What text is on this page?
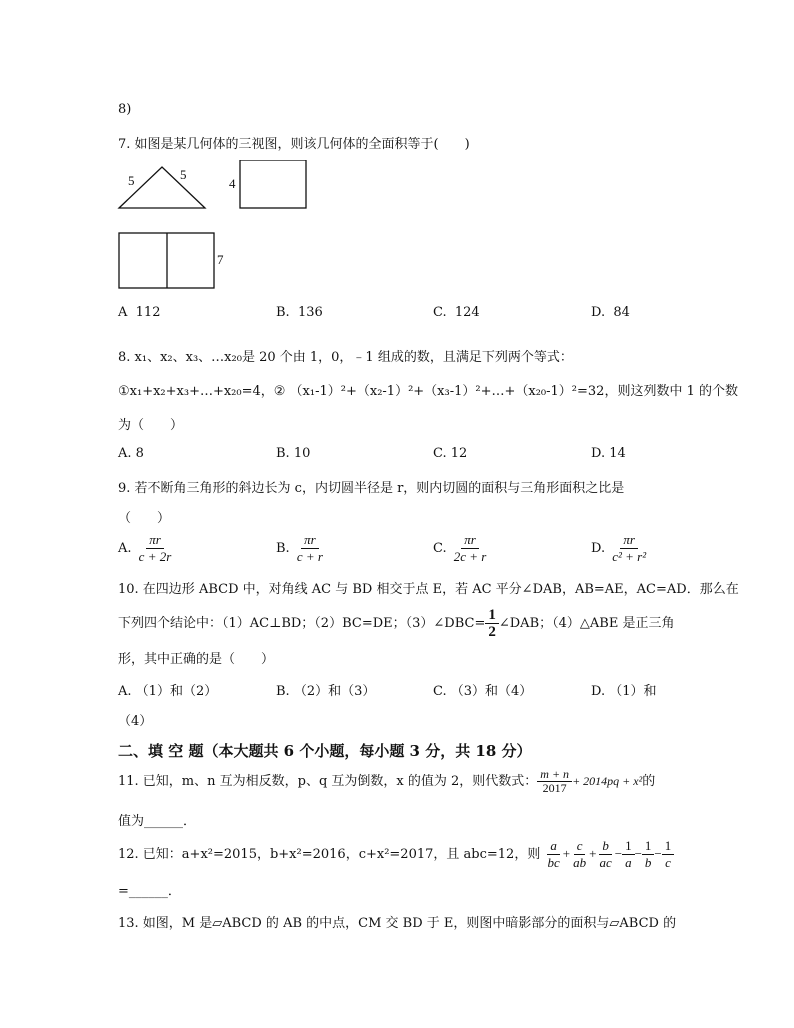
8)
7. 如图是某几何体的三视图，则该几何体的全面积等于(　　)
5	5
4
7
A 112	B. 136	C. 124	D. 84
8. x₁、x₂、x₃、…x₂₀是 20 个由 1，0，﹣1 组成的数，且满足下列两个等式：
①x₁+x₂+x₃+…+x₂₀=4，② （x₁-1）²+（x₂-1）²+（x₃-1）²+…+（x₂₀-1）²=32，则这列数中 1 的个数
为（　　）
A. 8	B. 10	C. 12	D. 14
9. 若不断角三角形的斜边长为 c，内切圆半径是 r，则内切圆的面积与三角形面积之比是
（　　）
A. $\frac{\pi r}{c + 2r}$	B. $\frac{\pi r}{c + r}$	C. $\frac{\pi r}{2c + r}$	D. $\frac{\pi r}{\text{c² + r²}}$
10. 在四边形 ABCD 中，对角线 AC 与 BD 相交于点 E，若 AC 平分∠DAB，AB=AE，AC=AD．那么在
下列四个结论中：（1）AC⊥BD；（2）BC=DE；（3）∠DBC= $\frac{1}{2}$ ∠DAB；（4）△ABE 是正三角
形，其中正确的是（　　）
A. （1）和（2）	B. （2）和（3）	C. （3）和（4）	D. （1）和
（4）
二、填 空 题（本大题共 6 个小题，每小题 3 分，共 18 分）
11. 已知，m、n 互为相反数，p、q 互为倒数，x 的值为 2，则代数式： $\frac{m + n}{2017} + 2014pq + x^2$的
值为______．
12. 已知：a+x²=2015，b+x²=2016，c+x²=2017，且 abc=12，则 $\frac{a}{bc} + \frac{c}{ab} + \frac{b}{ac} - \frac{1}{a} - \frac{1}{b} - \frac{1}{c}$
=______．
13. 如图，M 是▱ABCD 的 AB 的中点，CM 交 BD 于 E，则图中暗影部分的面积与▱ABCD 的
